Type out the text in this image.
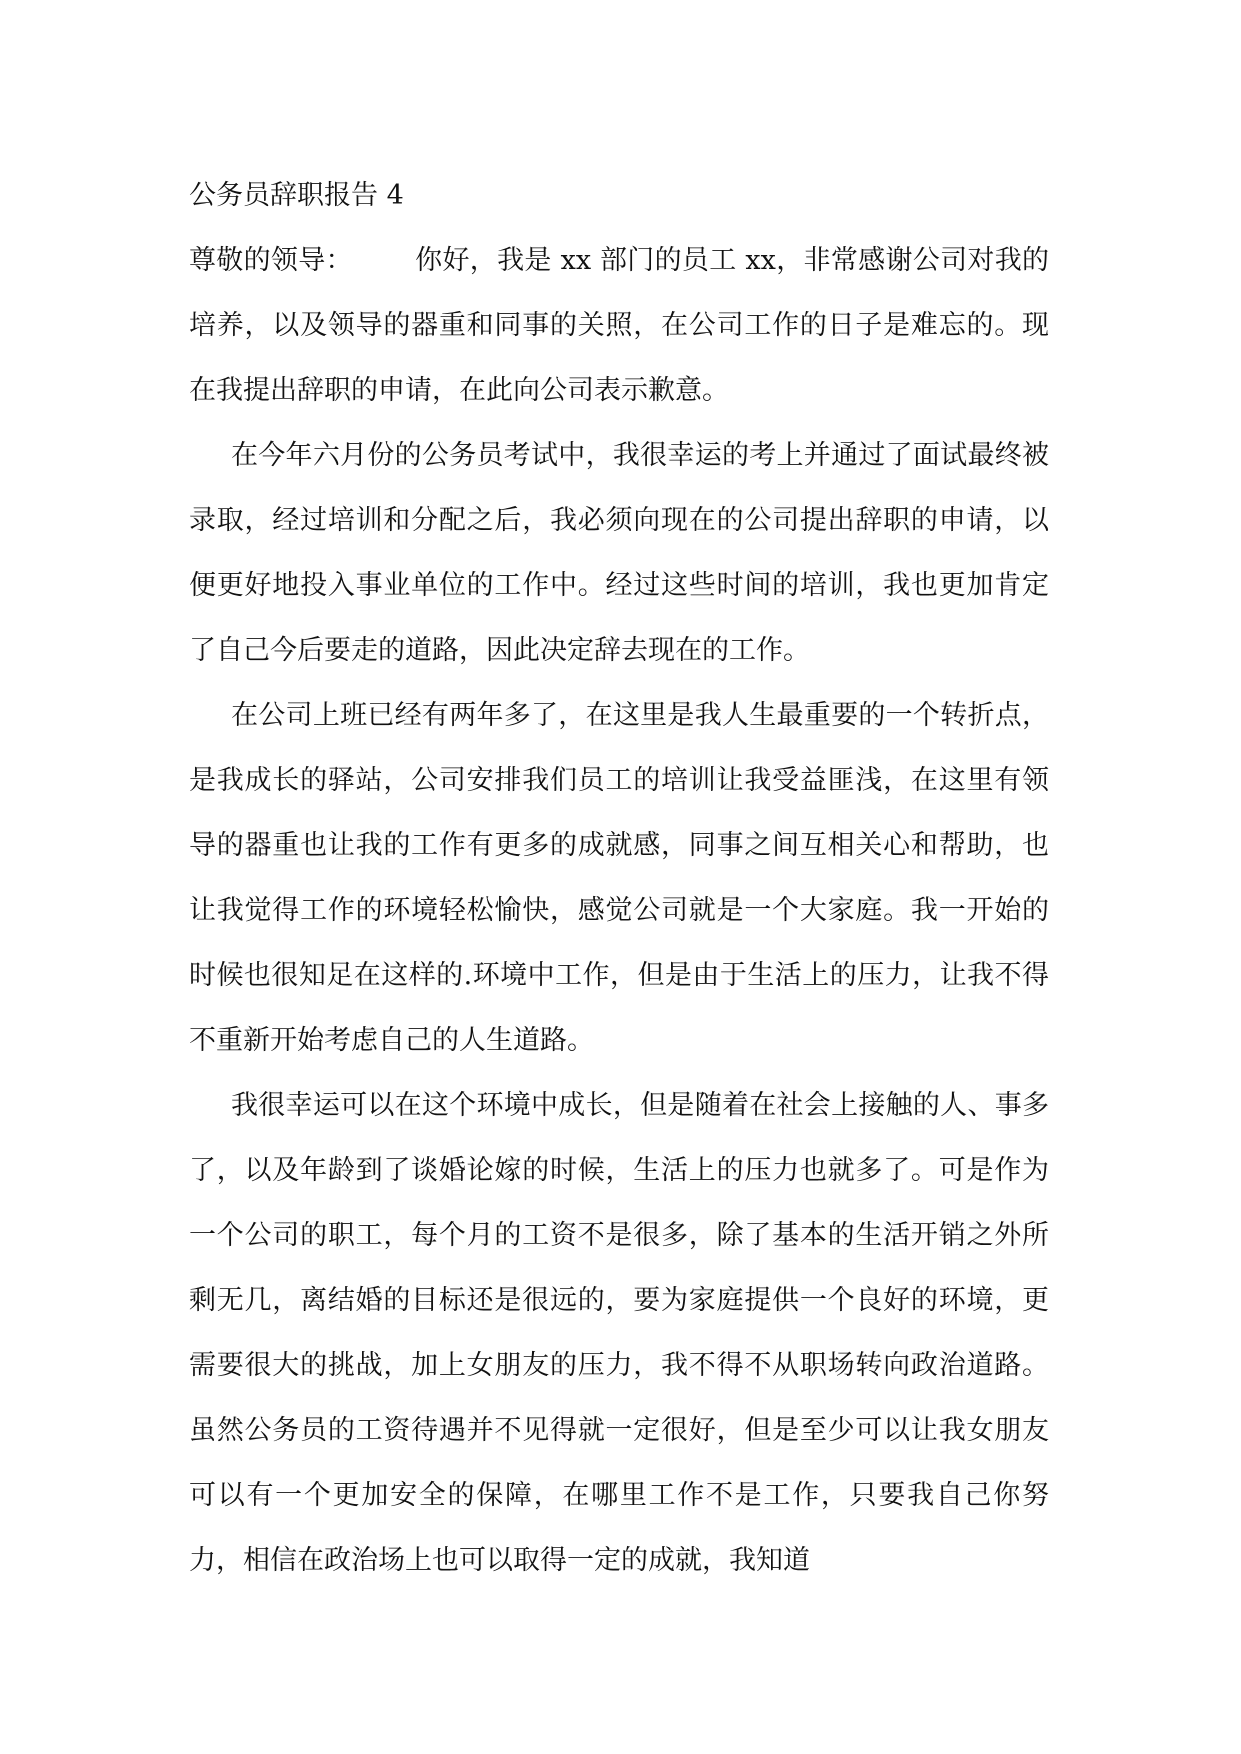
公务员辞职报告 4

尊敬的领导： 你好，我是 xx 部门的员工 xx，非常感谢公司对我的培养，以及领导的器重和同事的关照，在公司工作的日子是难忘的。现在我提出辞职的申请，在此向公司表示歉意。

在今年六月份的公务员考试中，我很幸运的考上并通过了面试最终被录取，经过培训和分配之后，我必须向现在的公司提出辞职的申请，以便更好地投入事业单位的工作中。经过这些时间的培训，我也更加肯定了自己今后要走的道路，因此决定辞去现在的工作。

在公司上班已经有两年多了，在这里是我人生最重要的一个转折点，是我成长的驿站，公司安排我们员工的培训让我受益匪浅，在这里有领导的器重也让我的工作有更多的成就感，同事之间互相关心和帮助，也让我觉得工作的环境轻松愉快，感觉公司就是一个大家庭。我一开始的时候也很知足在这样的.环境中工作，但是由于生活上的压力，让我不得不重新开始考虑自己的人生道路。

我很幸运可以在这个环境中成长，但是随着在社会上接触的人、事多了，以及年龄到了谈婚论嫁的时候，生活上的压力也就多了。可是作为一个公司的职工，每个月的工资不是很多，除了基本的生活开销之外所剩无几，离结婚的目标还是很远的，要为家庭提供一个良好的环境，更需要很大的挑战，加上女朋友的压力，我不得不从职场转向政治道路。虽然公务员的工资待遇并不见得就一定很好，但是至少可以让我女朋友可以有一个更加安全的保障，在哪里工作不是工作，只要我自己你努力，相信在政治场上也可以取得一定的成就，我知道
